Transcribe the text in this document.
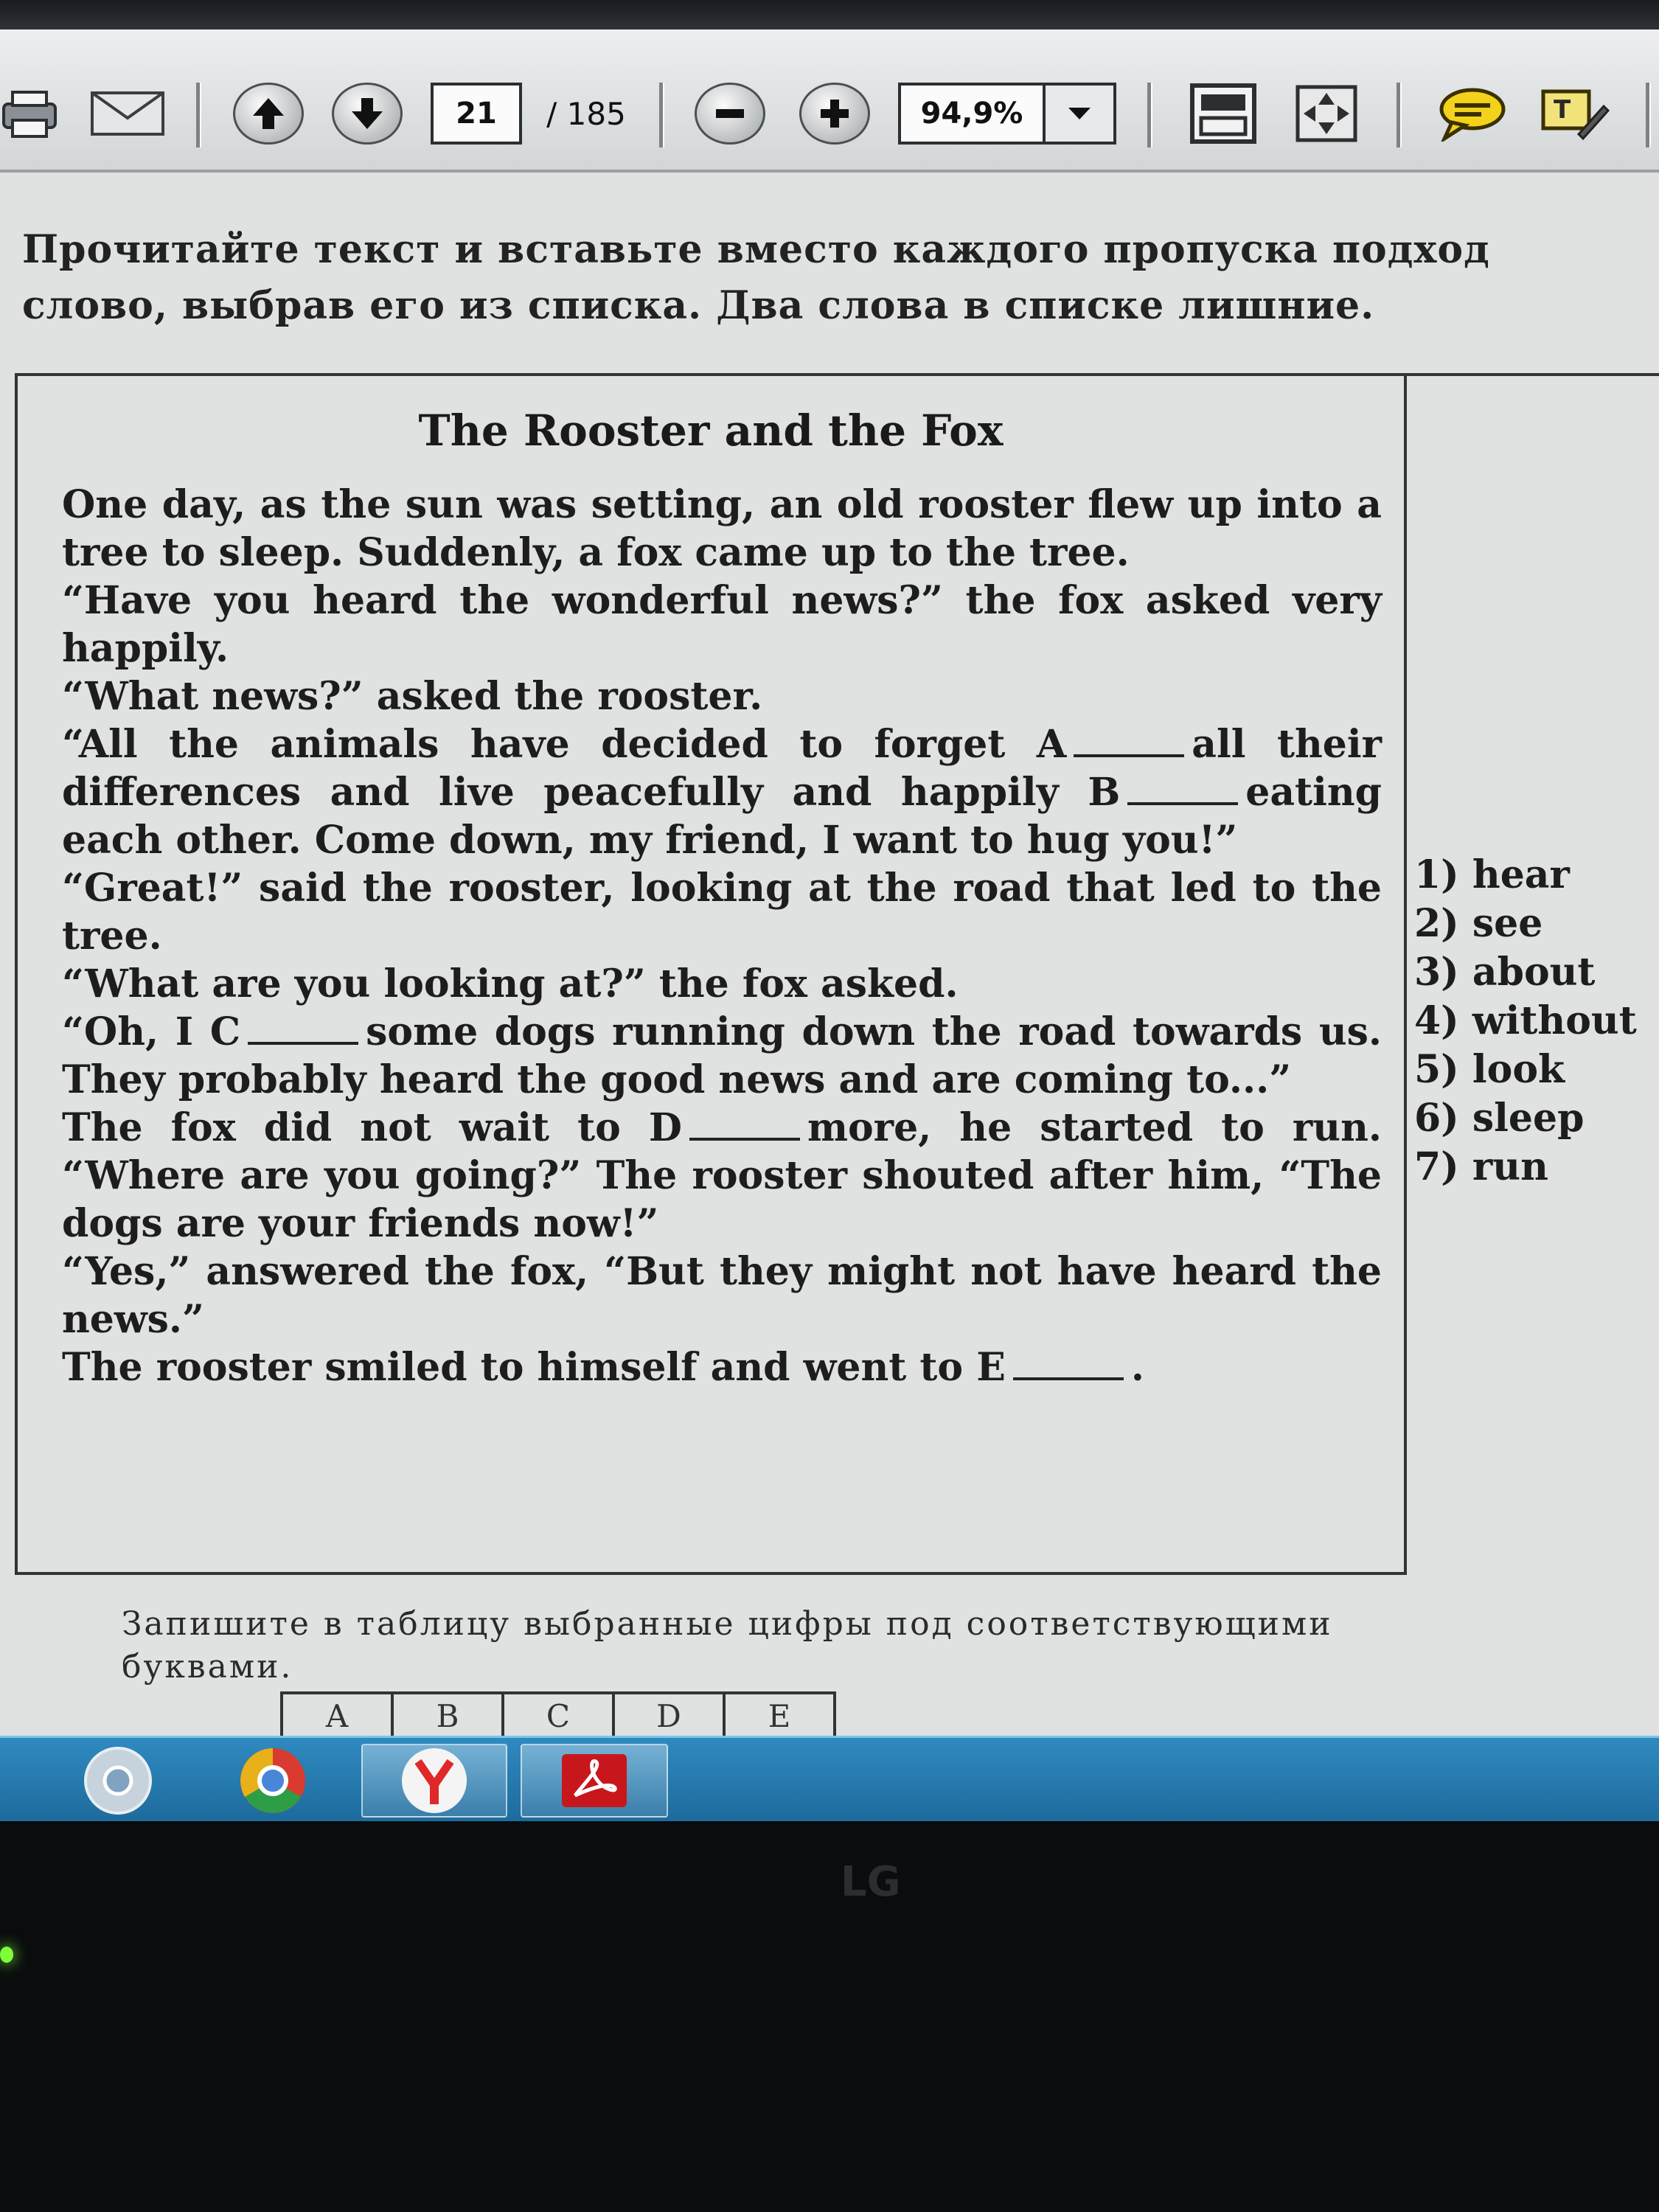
21 / 185	94,9%	T
Прочитайте текст и вставьте вместо каждого пропуска подход
слово, выбрав его из списка. Два слова в списке лишние.
The Rooster and the Fox

One day, as the sun was setting, an old rooster flew up into a tree to sleep. Suddenly, a fox came up to the tree.

“Have you heard the wonderful news?” the fox asked very happily.

“What news?” asked the rooster.

“All the animals have decided to forget A	all their differences and live peacefully and happily B	eating each other. Come down, my friend, I want to hug you!”

“Great!” said the rooster, looking at the road that led to the tree.

“What are you looking at?” the fox asked.

“Oh, I C	some dogs running down the road towards us. They probably heard the good news and are coming to...”

The fox did not wait to D	more, he started to run. “Where are you going?” The rooster shouted after him, “The dogs are your friends now!”

“Yes,” answered the fox, “But they might not have heard the news.”

The rooster smiled to himself and went to E	.

1) hear
2) see
3) about
4) without
5) look
6) sleep
7) run
Запишите в таблицу выбранные цифры под соответствующими
буквами.
A	B	C	D	E
LG
